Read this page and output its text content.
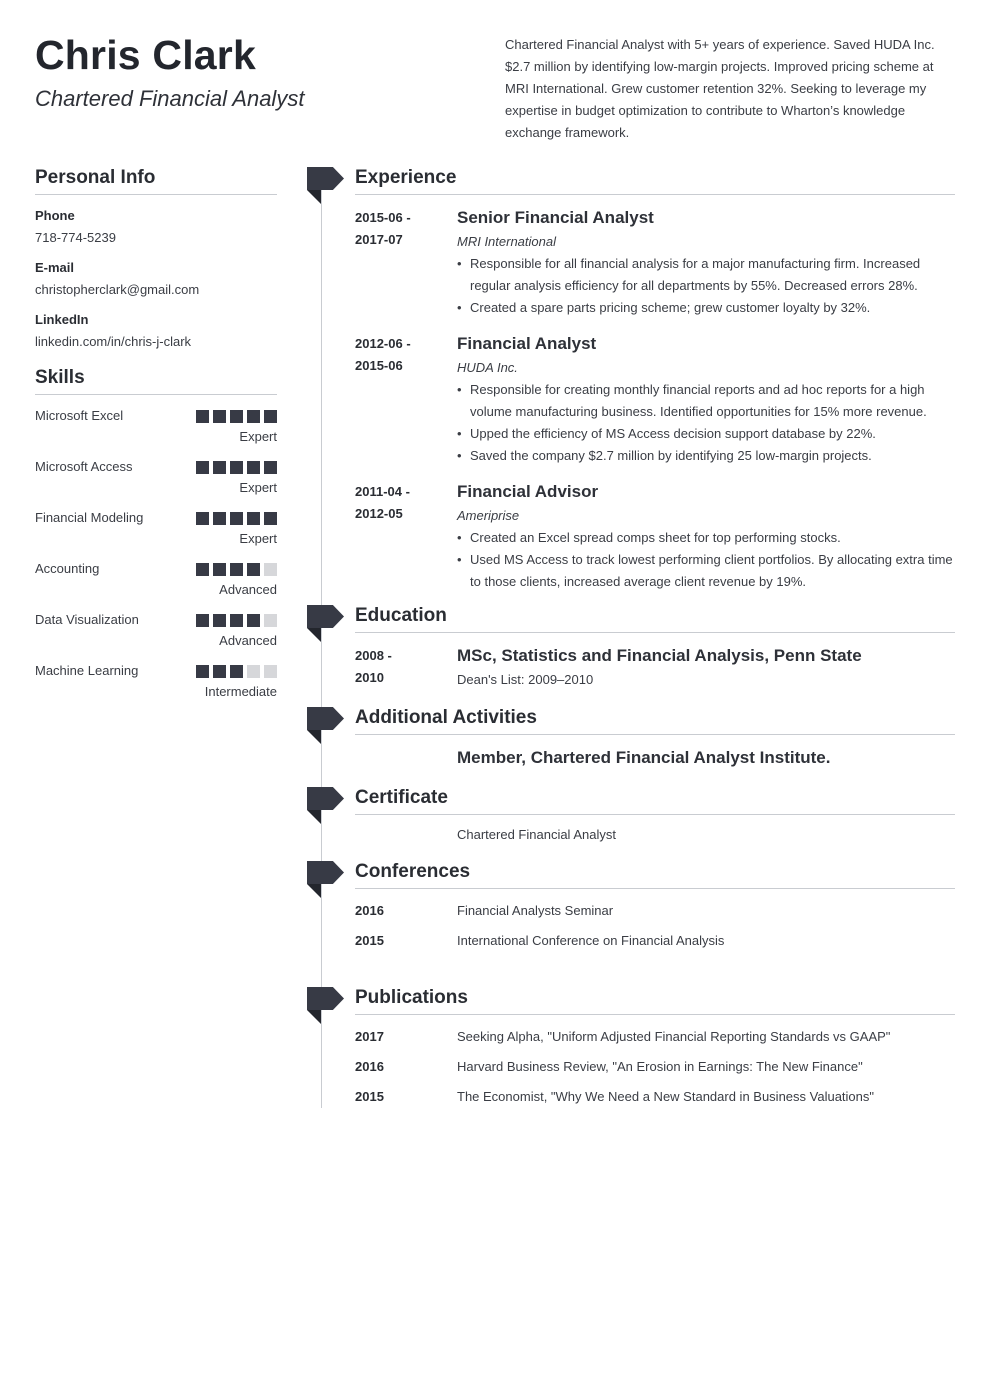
Chris Clark
Chartered Financial Analyst
Chartered Financial Analyst with 5+ years of experience. Saved HUDA Inc. $2.7 million by identifying low-margin projects. Improved pricing scheme at MRI International. Grew customer retention 32%. Seeking to leverage my expertise in budget optimization to contribute to Wharton’s knowledge exchange framework.
Personal Info
Phone
718-774-5239
E-mail
christopherclark@gmail.com
LinkedIn
linkedin.com/in/chris-j-clark
Skills
Microsoft Excel
Expert
Microsoft Access
Expert
Financial Modeling
Expert
Accounting
Advanced
Data Visualization
Advanced
Machine Learning
Intermediate
Experience
2015-06 -
2017-07
Senior Financial Analyst
MRI International
• Responsible for all financial analysis for a major manufacturing firm. Increased regular analysis efficiency for all departments by 55%. Decreased errors 28%.
• Created a spare parts pricing scheme; grew customer loyalty by 32%.
2012-06 -
2015-06
Financial Analyst
HUDA Inc.
• Responsible for creating monthly financial reports and ad hoc reports for a high volume manufacturing business. Identified opportunities for 15% more revenue.
• Upped the efficiency of MS Access decision support database by 22%.
• Saved the company $2.7 million by identifying 25 low-margin projects.
2011-04 -
2012-05
Financial Advisor
Ameriprise
• Created an Excel spread comps sheet for top performing stocks.
• Used MS Access to track lowest performing client portfolios. By allocating extra time to those clients, increased average client revenue by 19%.
Education
2008 -
2010
MSc, Statistics and Financial Analysis, Penn State
Dean's List: 2009–2010
Additional Activities
Member, Chartered Financial Analyst Institute.
Certificate
Chartered Financial Analyst
Conferences
2016	Financial Analysts Seminar
2015	International Conference on Financial Analysis
Publications
2017	Seeking Alpha, "Uniform Adjusted Financial Reporting Standards vs GAAP"
2016	Harvard Business Review, "An Erosion in Earnings: The New Finance"
2015	The Economist, "Why We Need a New Standard in Business Valuations"
